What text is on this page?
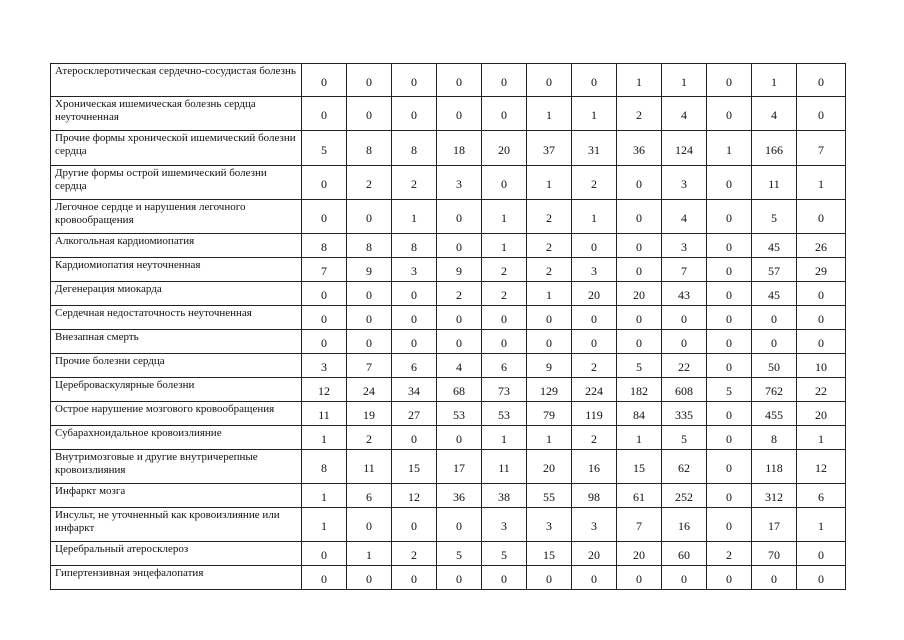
Атеросклеротическая сердечно-сосудистая болезнь	0	0	0	0	0	0	0	1	1	0	1	0
Хроническая ишемическая болезнь сердца неуточненная	0	0	0	0	0	1	1	2	4	0	4	0
Прочие формы хронической ишемический болезни сердца	5	8	8	18	20	37	31	36	124	1	166	7
Другие формы острой ишемический болезни сердца	0	2	2	3	0	1	2	0	3	0	11	1
Легочное сердце и нарушения легочного кровообращения	0	0	1	0	1	2	1	0	4	0	5	0
Алкогольная кардиомиопатия	8	8	8	0	1	2	0	0	3	0	45	26
Кардиомиопатия неуточненная	7	9	3	9	2	2	3	0	7	0	57	29
Дегенерация миокарда	0	0	0	2	2	1	20	20	43	0	45	0
Сердечная недостаточность неуточненная	0	0	0	0	0	0	0	0	0	0	0	0
Внезапная смерть	0	0	0	0	0	0	0	0	0	0	0	0
Прочие болезни сердца	3	7	6	4	6	9	2	5	22	0	50	10
Цереброваскулярные болезни	12	24	34	68	73	129	224	182	608	5	762	22
Острое нарушение мозгового кровообращения	11	19	27	53	53	79	119	84	335	0	455	20
Субарахноидальное кровоизлияние	1	2	0	0	1	1	2	1	5	0	8	1
Внутримозговые и другие внутричерепные кровоизлияния	8	11	15	17	11	20	16	15	62	0	118	12
Инфаркт мозга	1	6	12	36	38	55	98	61	252	0	312	6
Инсульт, не уточненный как кровоизлияние или инфаркт	1	0	0	0	3	3	3	7	16	0	17	1
Церебральный атеросклероз	0	1	2	5	5	15	20	20	60	2	70	0
Гипертензивная энцефалопатия	0	0	0	0	0	0	0	0	0	0	0	0
